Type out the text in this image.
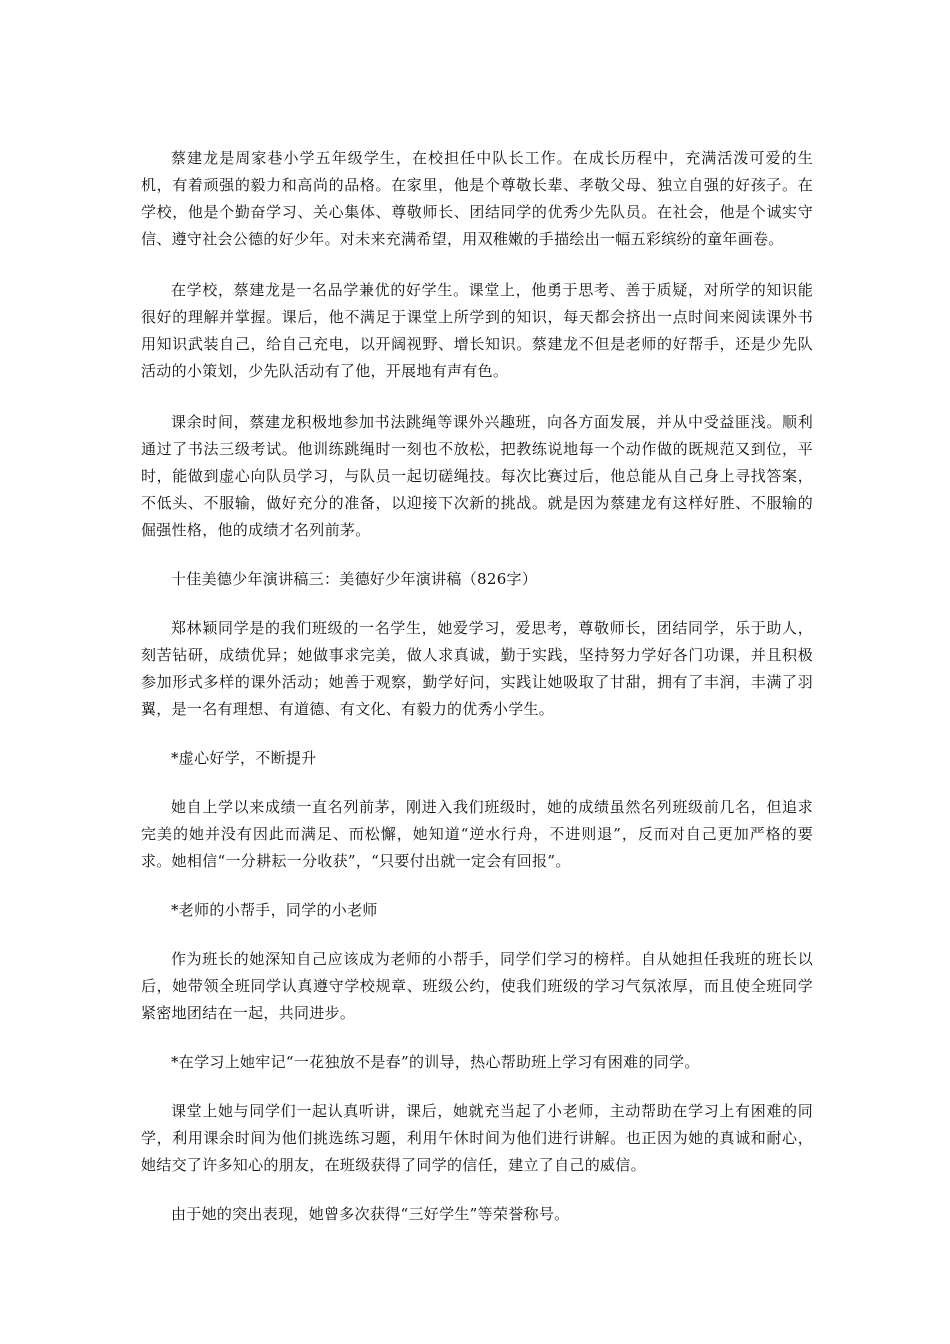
蔡建龙是周家巷小学五年级学生，在校担任中队长工作。在成长历程中，充满活泼可爱的生机，有着顽强的毅力和高尚的品格。在家里，他是个尊敬长辈、孝敬父母、独立自强的好孩子。在学校，他是个勤奋学习、关心集体、尊敬师长、团结同学的优秀少先队员。在社会，他是个诚实守信、遵守社会公德的好少年。对未来充满希望，用双稚嫩的手描绘出一幅五彩缤纷的童年画卷。

在学校，蔡建龙是一名品学兼优的好学生。课堂上，他勇于思考、善于质疑，对所学的知识能很好的理解并掌握。课后，他不满足于课堂上所学到的知识，每天都会挤出一点时间来阅读课外书用知识武装自己，给自己充电，以开阔视野、增长知识。蔡建龙不但是老师的好帮手，还是少先队活动的小策划，少先队活动有了他，开展地有声有色。

课余时间，蔡建龙积极地参加书法跳绳等课外兴趣班，向各方面发展，并从中受益匪浅。顺利通过了书法三级考试。他训练跳绳时一刻也不放松，把教练说地每一个动作做的既规范又到位，平时，能做到虚心向队员学习，与队员一起切磋绳技。每次比赛过后，他总能从自己身上寻找答案，不低头、不服输，做好充分的准备，以迎接下次新的挑战。就是因为蔡建龙有这样好胜、不服输的倔强性格，他的成绩才名列前茅。

十佳美德少年演讲稿三：美德好少年演讲稿（826字）

郑林颖同学是的我们班级的一名学生，她爱学习，爱思考，尊敬师长，团结同学，乐于助人，刻苦钻研，成绩优异；她做事求完美，做人求真诚，勤于实践，坚持努力学好各门功课，并且积极参加形式多样的课外活动；她善于观察，勤学好问，实践让她吸取了甘甜，拥有了丰润，丰满了羽翼，是一名有理想、有道德、有文化、有毅力的优秀小学生。

*虚心好学，不断提升

她自上学以来成绩一直名列前茅，刚进入我们班级时，她的成绩虽然名列班级前几名，但追求完美的她并没有因此而满足、而松懈，她知道“逆水行舟，不进则退”，反而对自己更加严格的要求。她相信“一分耕耘一分收获”，“只要付出就一定会有回报”。

*老师的小帮手，同学的小老师

作为班长的她深知自己应该成为老师的小帮手，同学们学习的榜样。自从她担任我班的班长以后，她带领全班同学认真遵守学校规章、班级公约，使我们班级的学习气氛浓厚，而且使全班同学紧密地团结在一起，共同进步。

*在学习上她牢记“一花独放不是春”的训导，热心帮助班上学习有困难的同学。

课堂上她与同学们一起认真听讲，课后，她就充当起了小老师，主动帮助在学习上有困难的同学，利用课余时间为他们挑选练习题，利用午休时间为他们进行讲解。也正因为她的真诚和耐心，她结交了许多知心的朋友，在班级获得了同学的信任，建立了自己的威信。

由于她的突出表现，她曾多次获得“三好学生”等荣誉称号。
